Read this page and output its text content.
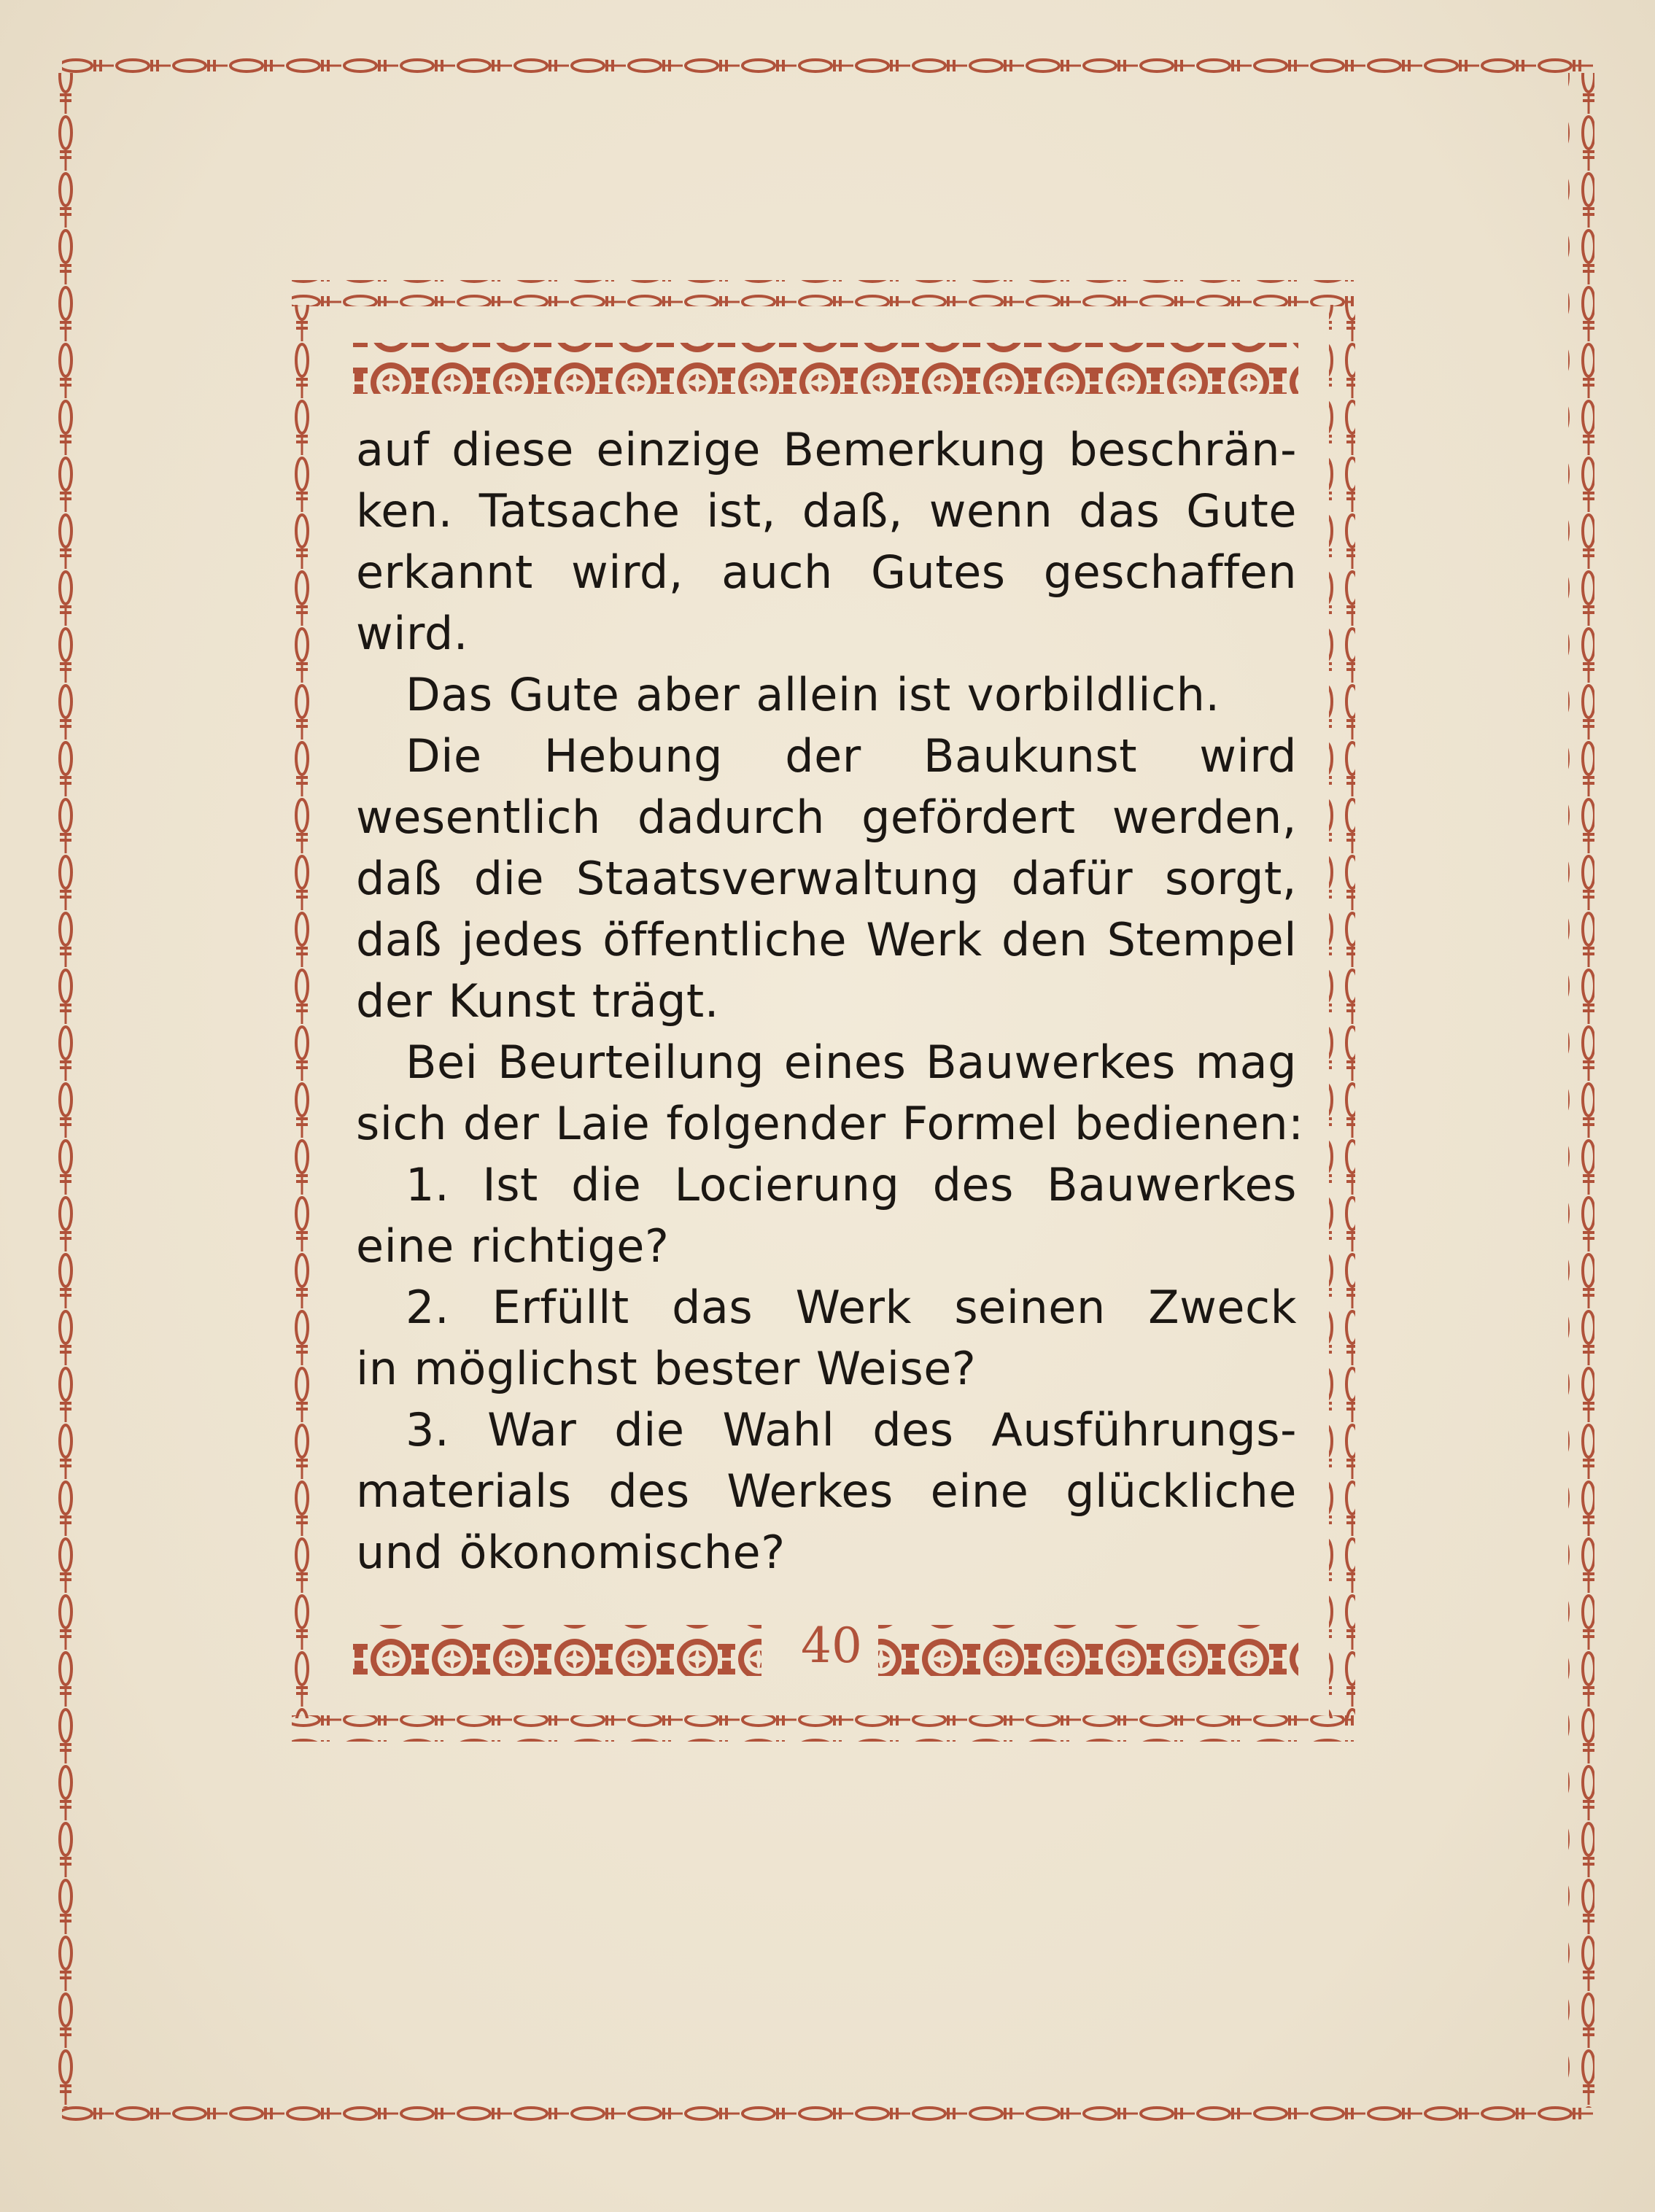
auf diese einzige Bemerkung beschrän-
ken. Tatsache ist, daß, wenn das Gute
erkannt wird, auch Gutes geschaffen
wird.
Das Gute aber allein ist vorbildlich.
Die Hebung der Baukunst wird
wesentlich dadurch gefördert werden,
daß die Staatsverwaltung dafür sorgt,
daß jedes öffentliche Werk den Stempel
der Kunst trägt.
Bei Beurteilung eines Bauwerkes mag
sich der Laie folgender Formel bedienen:
1. Ist die Locierung des Bauwerkes
eine richtige?
2. Erfüllt das Werk seinen Zweck
in möglichst bester Weise?
3. War die Wahl des Ausführungs-
materials des Werkes eine glückliche
und ökonomische?
40
